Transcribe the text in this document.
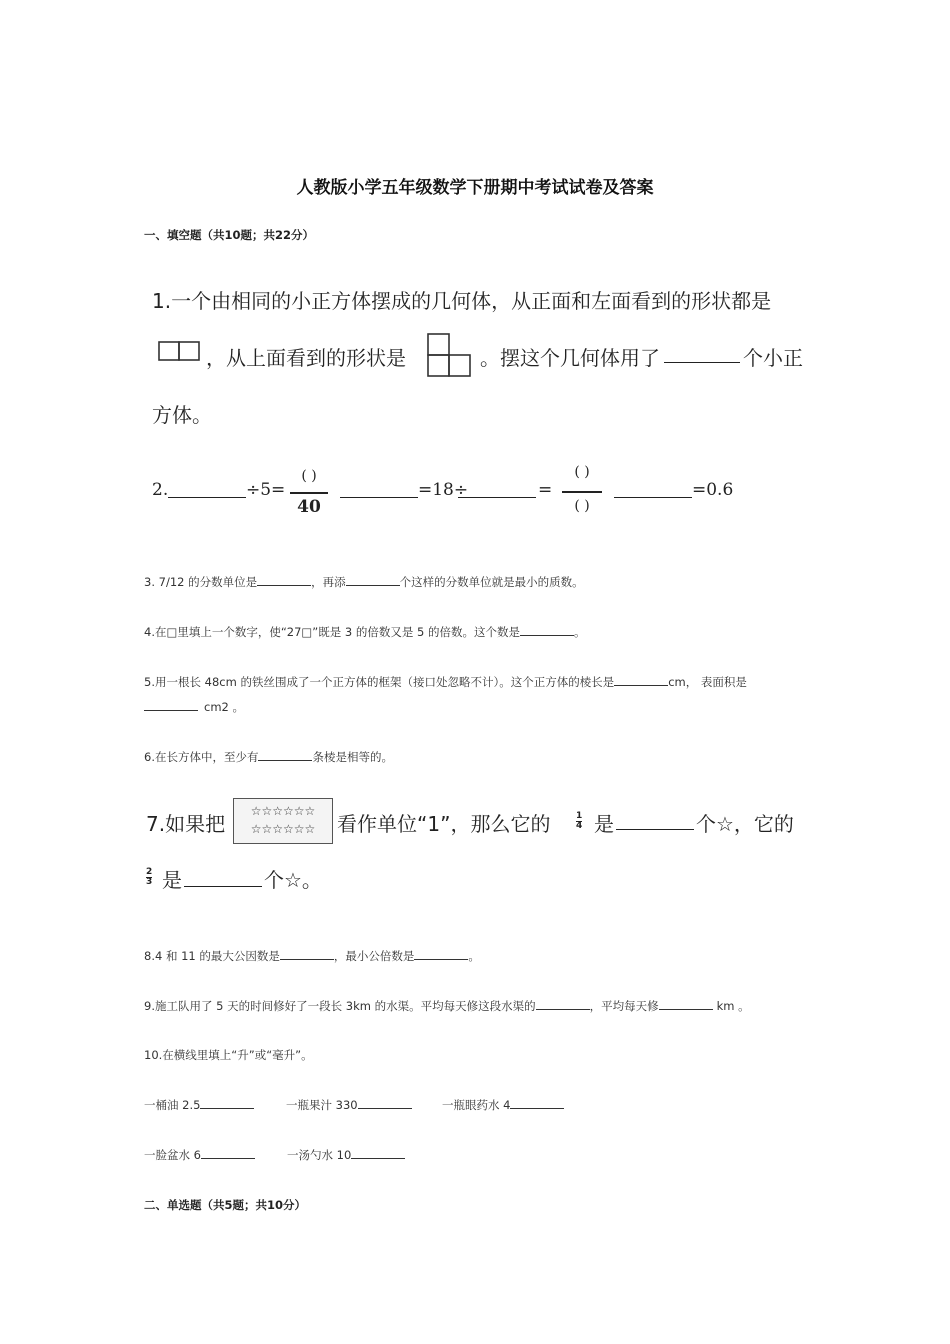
人教版小学五年级数学下册期中考试试卷及答案
一、填空题（共10题；共22分）
1.一个由相同的小正方体摆成的几何体，从正面和左面看到的形状都是
，从上面看到的形状是	。摆这个几何体用了	个小正
方体。
2.	÷5=
( )
40
=18÷	=
( )
( )
=0.6
3. 7/12 的分数单位是	，再添	个这样的分数单位就是最小的质数。
4.在□里填上一个数字，使“27□”既是 3 的倍数又是 5 的倍数。这个数是	。
5.用一根长 48cm 的铁丝围成了一个正方体的框架（接口处忽略不计）。这个正方体的棱长是	cm， 表面积是
cm2 。
6.在长方体中，至少有	条棱是相等的。
7.如果把
☆☆☆☆☆☆
☆☆☆☆☆☆	看作单位“1”，那么它的	$\frac{1}{4}$ 是	个☆，它的
$\frac{2}{3}$ 是	个☆。
8.4 和 11 的最大公因数是	，最小公倍数是	。
9.施工队用了 5 天的时间修好了一段长 3km 的水渠。平均每天修这段水渠的	，平均每天修	km 。
10.在横线里填上“升”或“毫升”。
一桶油 2.5	一瓶果汁 330	一瓶眼药水 4
一脸盆水 6	一汤勺水 10
二、单选题（共5题；共10分）
